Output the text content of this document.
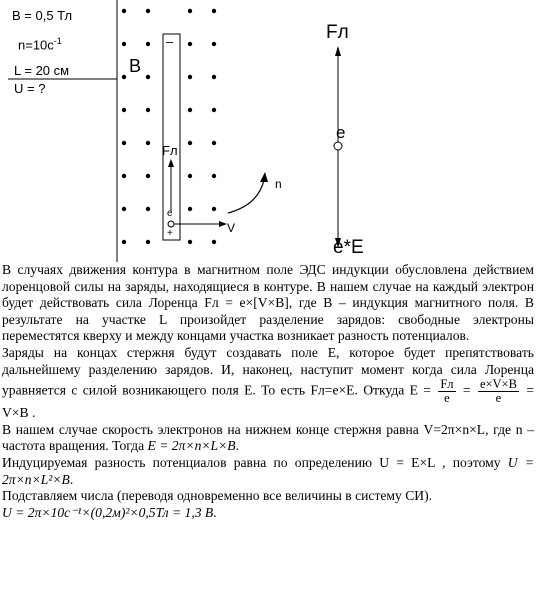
B = 0,5 Тл
$n=10c^{-1}$
L = 20 см
U = ?
B
–
Fл
e
+	V
n
Fл
e
e*E

В случаях движения контура в магнитном поле ЭДС индукции обусловлена действием лоренцовой силы на заряды, находящиеся в контуре. В нашем случае на каждый электрон будет действовать сила Лоренца Fл = e×[V×B], где B – индукция магнитного поля. В результате на участке L произойдет разделение зарядов: свободные электроны переместятся кверху и между концами участка возникает разность потенциалов.

Заряды на концах стержня будут создавать поле E, которое будет препятствовать дальнейшему разделению зарядов. И, наконец, наступит момент когда сила Лоренца уравняется с силой возникающего поля E. То есть Fл=e×E. Откуда $E = \frac{Fл}{e} = \frac{e\times V\times B}{e} = V\times B$ .

В нашем случае скорость электронов на нижнем конце стержня равна V=2π×n×L, где n – частота вращения. Тогда E = 2π×n×L×B.

Индуцируемая разность потенциалов равна по определению U = E×L , поэтому U = 2π×n×L²×B.

Подставляем числа (переводя одновременно все величины в систему СИ).
U = 2π×10c⁻¹×(0,2м)²×0,5Тл = 1,3 В.
